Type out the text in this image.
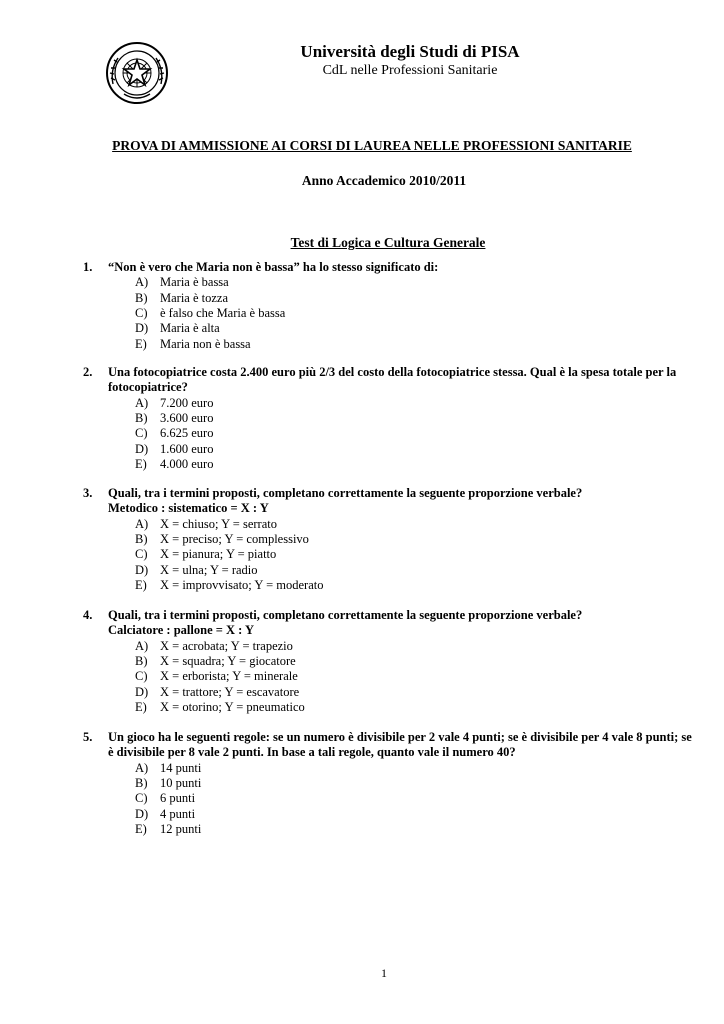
Università degli Studi di PISA
CdL nelle Professioni Sanitarie
PROVA DI AMMISSIONE AI CORSI DI LAUREA NELLE PROFESSIONI SANITARIE
Anno Accademico 2010/2011
Test di Logica e Cultura Generale
1. “Non è vero che Maria non è bassa” ha lo stesso significato di:
A) Maria è bassa
B) Maria è tozza
C) è falso che Maria è bassa
D) Maria è alta
E) Maria non è bassa
2. Una fotocopiatrice costa 2.400 euro più 2/3 del costo della fotocopiatrice stessa. Qual è la spesa totale per la fotocopiatrice?
A) 7.200 euro
B) 3.600 euro
C) 6.625 euro
D) 1.600 euro
E) 4.000 euro
3. Quali, tra i termini proposti, completano correttamente la seguente proporzione verbale?
Metodico : sistematico = X : Y
A) X = chiuso; Y = serrato
B) X = preciso; Y = complessivo
C) X = pianura; Y = piatto
D) X = ulna; Y = radio
E) X = improvvisato; Y = moderato
4. Quali, tra i termini proposti, completano correttamente la seguente proporzione verbale?
Calciatore : pallone = X : Y
A) X = acrobata; Y = trapezio
B) X = squadra; Y = giocatore
C) X = erborista; Y = minerale
D) X = trattore; Y = escavatore
E) X = otorino; Y = pneumatico
5. Un gioco ha le seguenti regole: se un numero è divisibile per 2 vale 4 punti; se è divisibile per 4 vale 8 punti; se è divisibile per 8 vale 2 punti. In base a tali regole, quanto vale il numero 40?
A) 14 punti
B) 10 punti
C) 6 punti
D) 4 punti
E) 12 punti
1
